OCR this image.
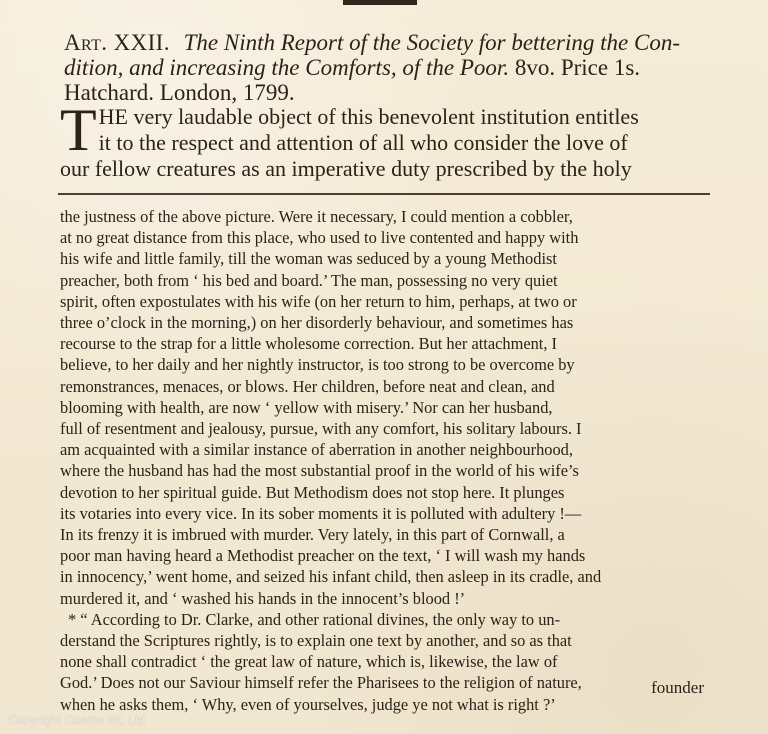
Art. XXII. The Ninth Report of the Society for bettering the Con-
dition, and increasing the Comforts, of the Poor. 8vo. Price 1s.
Hatchard. London, 1799.
T HE very laudable object of this benevolent institution entitles
it to the respect and attention of all who consider the love of
our fellow creatures as an imperative duty prescribed by the holy
the justness of the above picture. Were it necessary, I could mention a cobbler,
at no great distance from this place, who used to live contented and happy with
his wife and little family, till the woman was seduced by a young Methodist
preacher, both from ‘ his bed and board.’ The man, possessing no very quiet
spirit, often expostulates with his wife (on her return to him, perhaps, at two or
three o’clock in the morning,) on her disorderly behaviour, and sometimes has
recourse to the strap for a little wholesome correction. But her attachment, I
believe, to her daily and her nightly instructor, is too strong to be overcome by
remonstrances, menaces, or blows. Her children, before neat and clean, and
blooming with health, are now ‘ yellow with misery.’ Nor can her husband,
full of resentment and jealousy, pursue, with any comfort, his solitary labours. I
am acquainted with a similar instance of aberration in another neighbourhood,
where the husband has had the most substantial proof in the world of his wife’s
devotion to her spiritual guide. But Methodism does not stop here. It plunges
its votaries into every vice. In its sober moments it is polluted with adultery !—
In its frenzy it is imbrued with murder. Very lately, in this part of Cornwall, a
poor man having heard a Methodist preacher on the text, ‘ I will wash my hands
in innocency,’ went home, and seized his infant child, then asleep in its cradle, and
murdered it, and ‘ washed his hands in the innocent’s blood !’
* “ According to Dr. Clarke, and other rational divines, the only way to un-
derstand the Scriptures rightly, is to explain one text by another, and so as that
none shall contradict ‘ the great law of nature, which is, likewise, the law of
God.’ Does not our Saviour himself refer the Pharisees to the religion of nature,
when he asks them, ‘ Why, even of yourselves, judge ye not what is right ?’
founder
Copyright Cosmo Int. Ltd
